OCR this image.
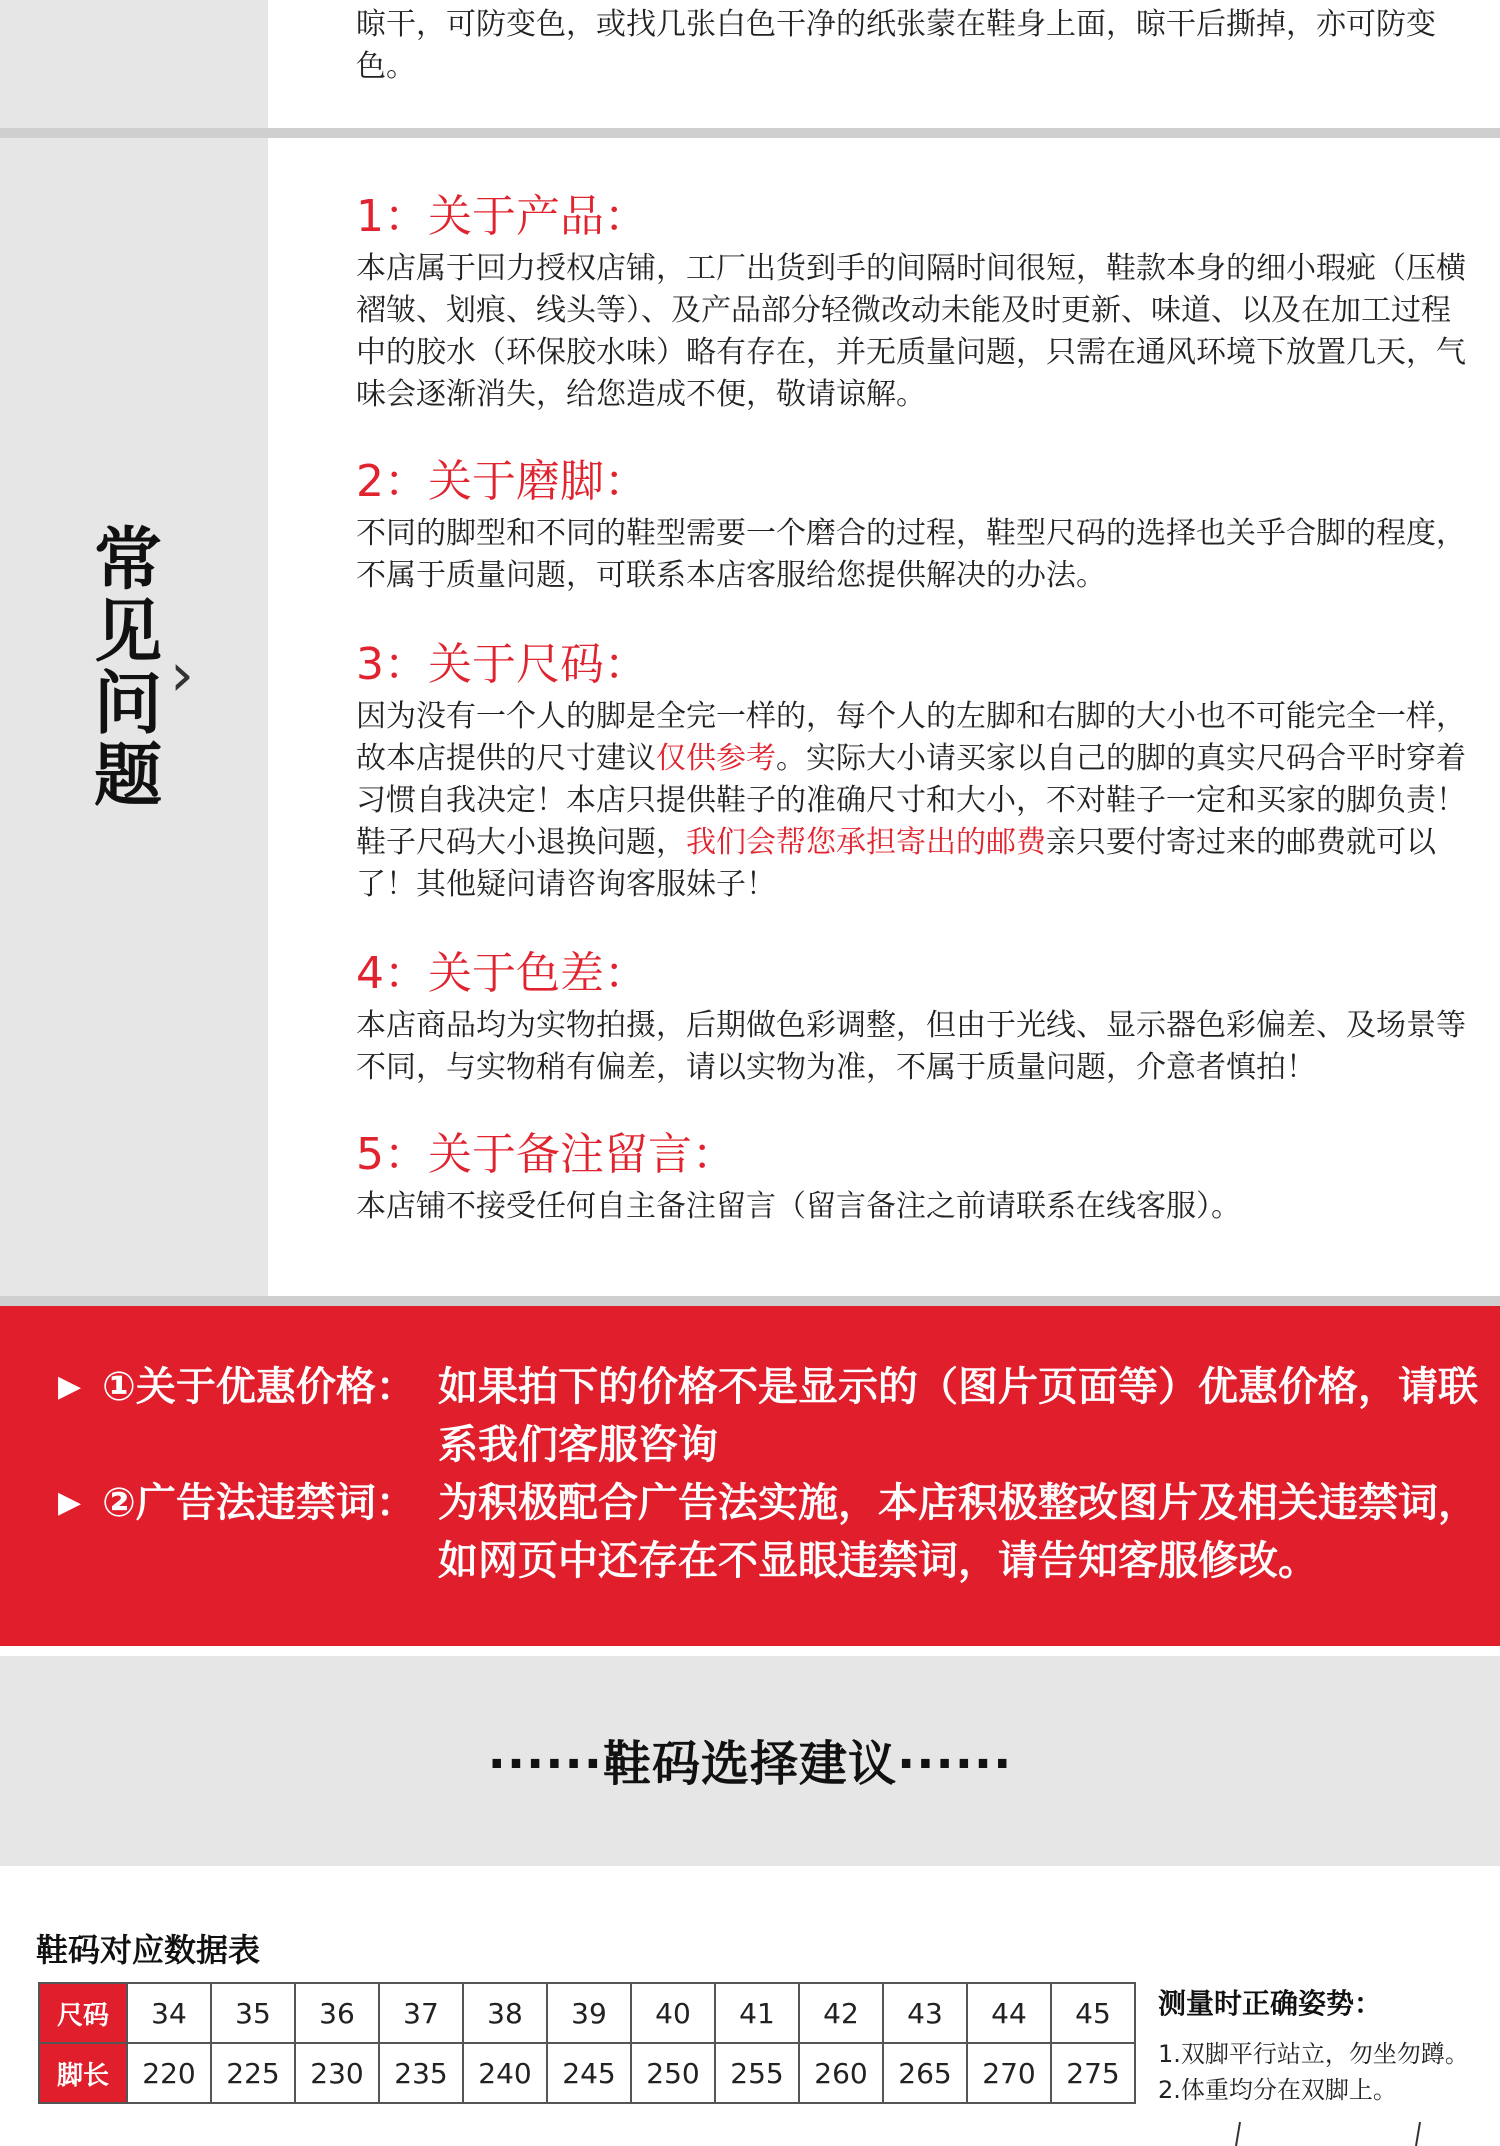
晾干，可防变色，或找几张白色干净的纸张蒙在鞋身上面，晾干后撕掉，亦可防变色。
常见问题
›

1：关于产品：

本店属于回力授权店铺，工厂出货到手的间隔时间很短，鞋款本身的细小瑕疵（压横褶皱、划痕、线头等）、及产品部分轻微改动未能及时更新、味道、以及在加工过程中的胶水（环保胶水味）略有存在，并无质量问题，只需在通风环境下放置几天，气味会逐渐消失，给您造成不便，敬请谅解。

2：关于磨脚：

不同的脚型和不同的鞋型需要一个磨合的过程，鞋型尺码的选择也关乎合脚的程度，不属于质量问题，可联系本店客服给您提供解决的办法。

3：关于尺码：

因为没有一个人的脚是全完一样的，每个人的左脚和右脚的大小也不可能完全一样，故本店提供的尺寸建议仅供参考。实际大小请买家以自己的脚的真实尺码合平时穿着习惯自我决定！本店只提供鞋子的准确尺寸和大小，不对鞋子一定和买家的脚负责！鞋子尺码大小退换问题，我们会帮您承担寄出的邮费亲只要付寄过来的邮费就可以了！其他疑问请咨询客服妹子！

4：关于色差：

本店商品均为实物拍摄，后期做色彩调整，但由于光线、显示器色彩偏差、及场景等不同，与实物稍有偏差，请以实物为准，不属于质量问题，介意者慎拍！

5：关于备注留言：

本店铺不接受任何自主备注留言（留言备注之前请联系在线客服）。

▶ ①关于优惠价格： 如果拍下的价格不是显示的（图片页面等）优惠价格，请联系我们客服咨询
▶ ②广告法违禁词： 为积极配合广告法实施，本店积极整改图片及相关违禁词，如网页中还存在不显眼违禁词，请告知客服修改。
······鞋码选择建议······
鞋码对应数据表
尺码	34	35	36	37	38	39	40	41	42	43	44	45
脚长	220	225	230	235	240	245	250	255	260	265	270	275

测量时正确姿势：

1.双脚平行站立，勿坐勿蹲。

2.体重均分在双脚上。
